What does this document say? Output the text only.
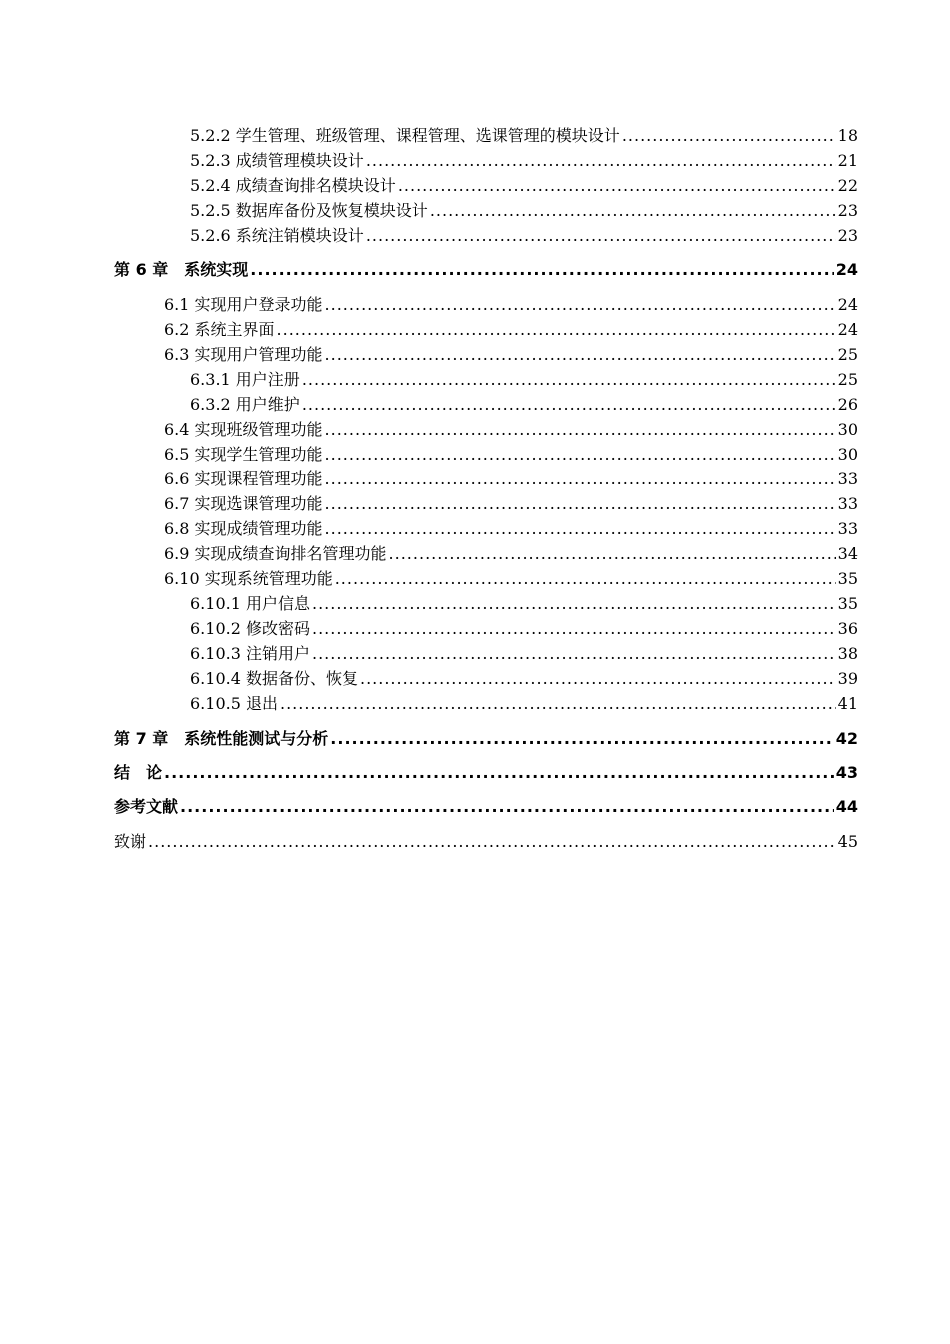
5.2.2 学生管理、班级管理、课程管理、选课管理的模块设计 .....	18
5.2.3 成绩管理模块设计 .....	21
5.2.4 成绩查询排名模块设计 .....	22
5.2.5 数据库备份及恢复模块设计 .....	23
5.2.6 系统注销模块设计 .....	23
第 6 章　系统实现 .....	24
6.1 实现用户登录功能 .....	24
6.2 系统主界面 .....	24
6.3 实现用户管理功能 .....	25
6.3.1 用户注册 .....	25
6.3.2 用户维护 .....	26
6.4 实现班级管理功能 .....	30
6.5 实现学生管理功能 .....	30
6.6 实现课程管理功能 .....	33
6.7 实现选课管理功能 .....	33
6.8 实现成绩管理功能 .....	33
6.9 实现成绩查询排名管理功能 .....	34
6.10 实现系统管理功能 .....	35
6.10.1 用户信息 .....	35
6.10.2 修改密码 .....	36
6.10.3 注销用户 .....	38
6.10.4 数据备份、恢复 .....	39
6.10.5 退出 .....	41
第 7 章　系统性能测试与分析 .....	42
结　论 .....	43
参考文献 .....	44
致谢 .....	45
